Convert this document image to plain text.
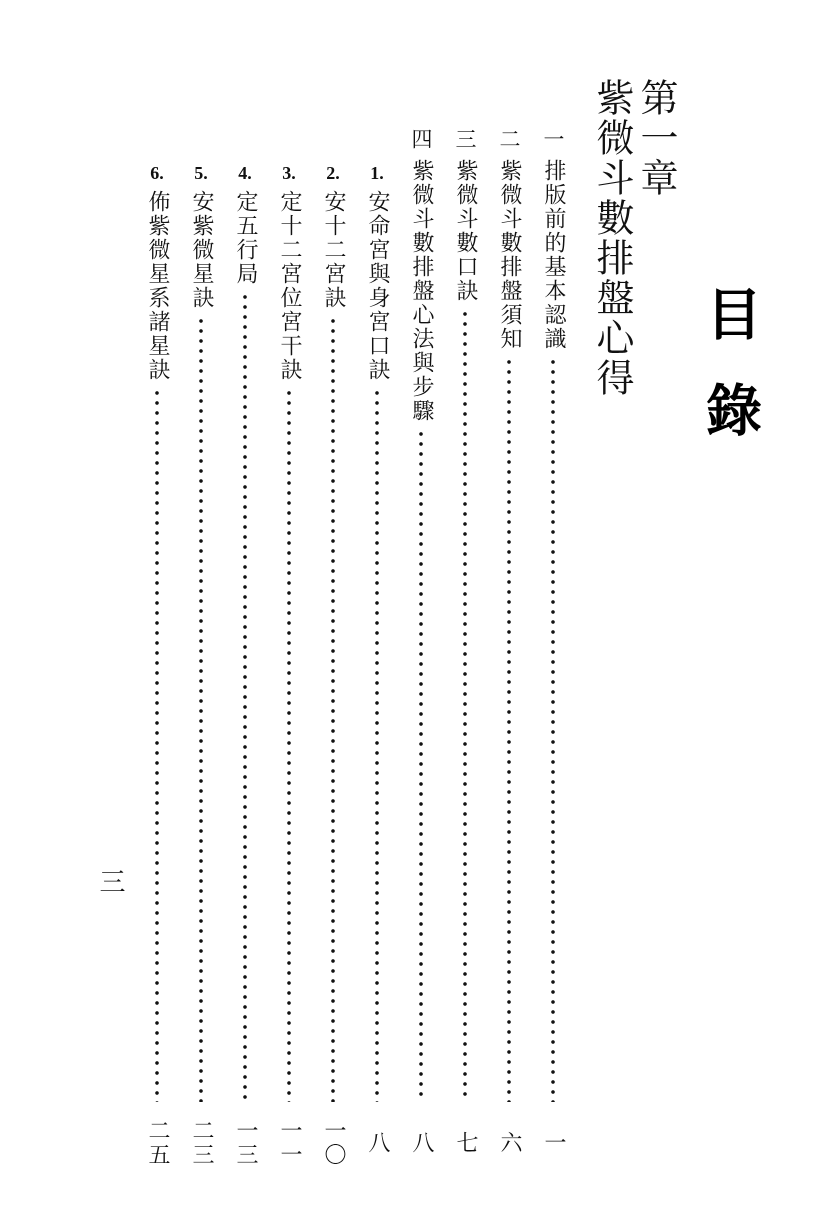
目錄
第一章
紫微斗數排盤心得
一
排版前的基本認識
一
二
紫微斗數排盤須知
六
三
紫微斗數口訣
七
四
紫微斗數排盤心法與步驟
八
1.
安命宮與身宮口訣
八
2.
安十二宮訣
一〇
3.
定十二宮位宮干訣
一一
4.
定五行局
一三
5.
安紫微星訣
二三
6.
佈紫微星系諸星訣
二五
三
